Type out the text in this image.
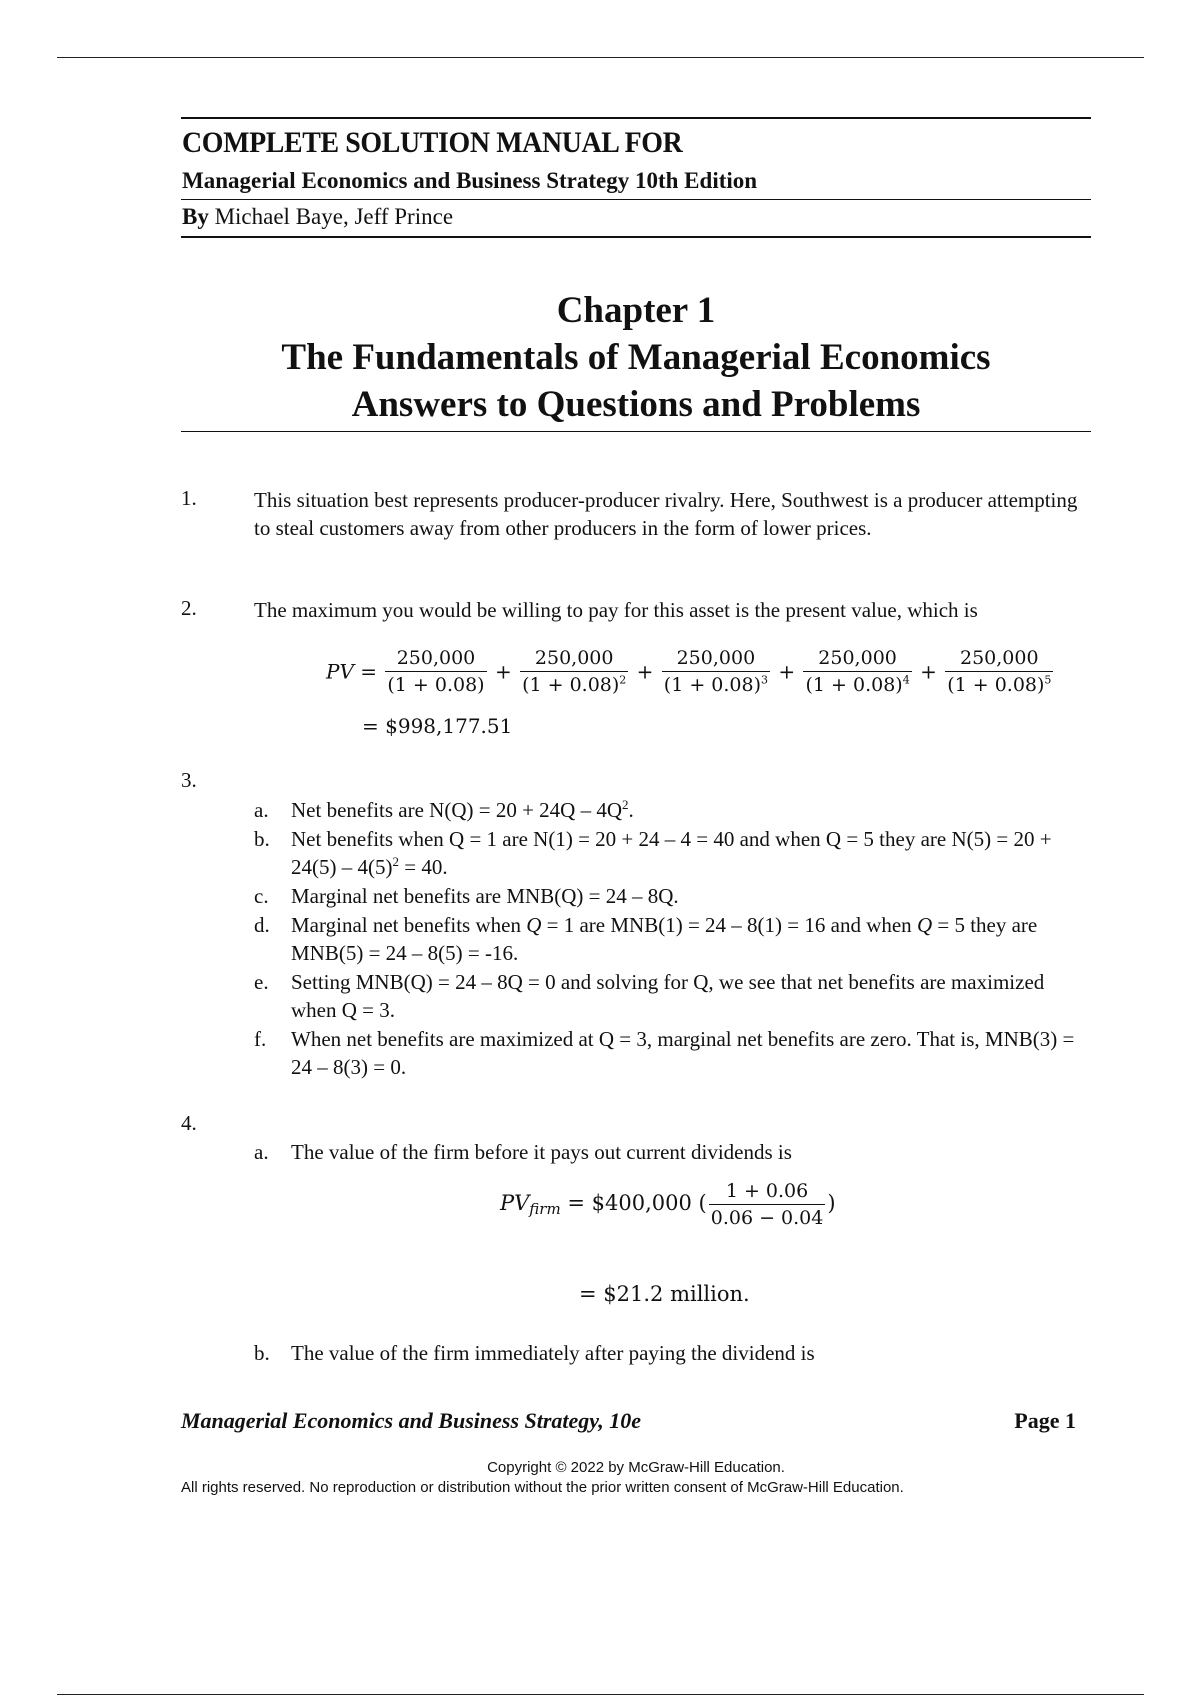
COMPLETE SOLUTION MANUAL FOR
Managerial Economics and Business Strategy 10th Edition
By Michael Baye, Jeff Prince
Chapter 1
The Fundamentals of Managerial Economics
Answers to Questions and Problems
1.	This situation best represents producer-producer rivalry. Here, Southwest is a producer attempting to steal customers away from other producers in the form of lower prices.
2.	The maximum you would be willing to pay for this asset is the present value, which is
PV = $\frac{250,000}{(1 + 0.08)} + \frac{250,000}{(1 + 0.08)^2} + \frac{250,000}{(1 + 0.08)^3} + \frac{250,000}{(1 + 0.08)^4} + \frac{250,000}{(1 + 0.08)^5}$
= $998,177.51
3.
a. Net benefits are $N(Q) = 20 + 24Q - 4Q^2$.
b. Net benefits when Q = 1 are N(1) = 20 + 24 – 4 = 40 and when Q = 5 they are $N(5) = 20 + 24(5) - 4(5)^2 = 40$.
c. Marginal net benefits are MNB(Q) = 24 – 8Q.
d. Marginal net benefits when Q = 1 are MNB(1) = 24 – 8(1) = 16 and when Q = 5 they are MNB(5) = 24 – 8(5) = -16.
e. Setting MNB(Q) = 24 – 8Q = 0 and solving for Q, we see that net benefits are maximized when Q = 3.
f. When net benefits are maximized at Q = 3, marginal net benefits are zero. That is, MNB(3) = 24 – 8(3) = 0.
4.
a. The value of the firm before it pays out current dividends is
PVfirm = $400,000 ( $\frac{1 + 0.06}{0.06 - 0.04}$ )
= $21.2 million.
b. The value of the firm immediately after paying the dividend is
Managerial Economics and Business Strategy, 10e	Page 1
Copyright © 2022 by McGraw-Hill Education.
All rights reserved. No reproduction or distribution without the prior written consent of McGraw-Hill Education.
